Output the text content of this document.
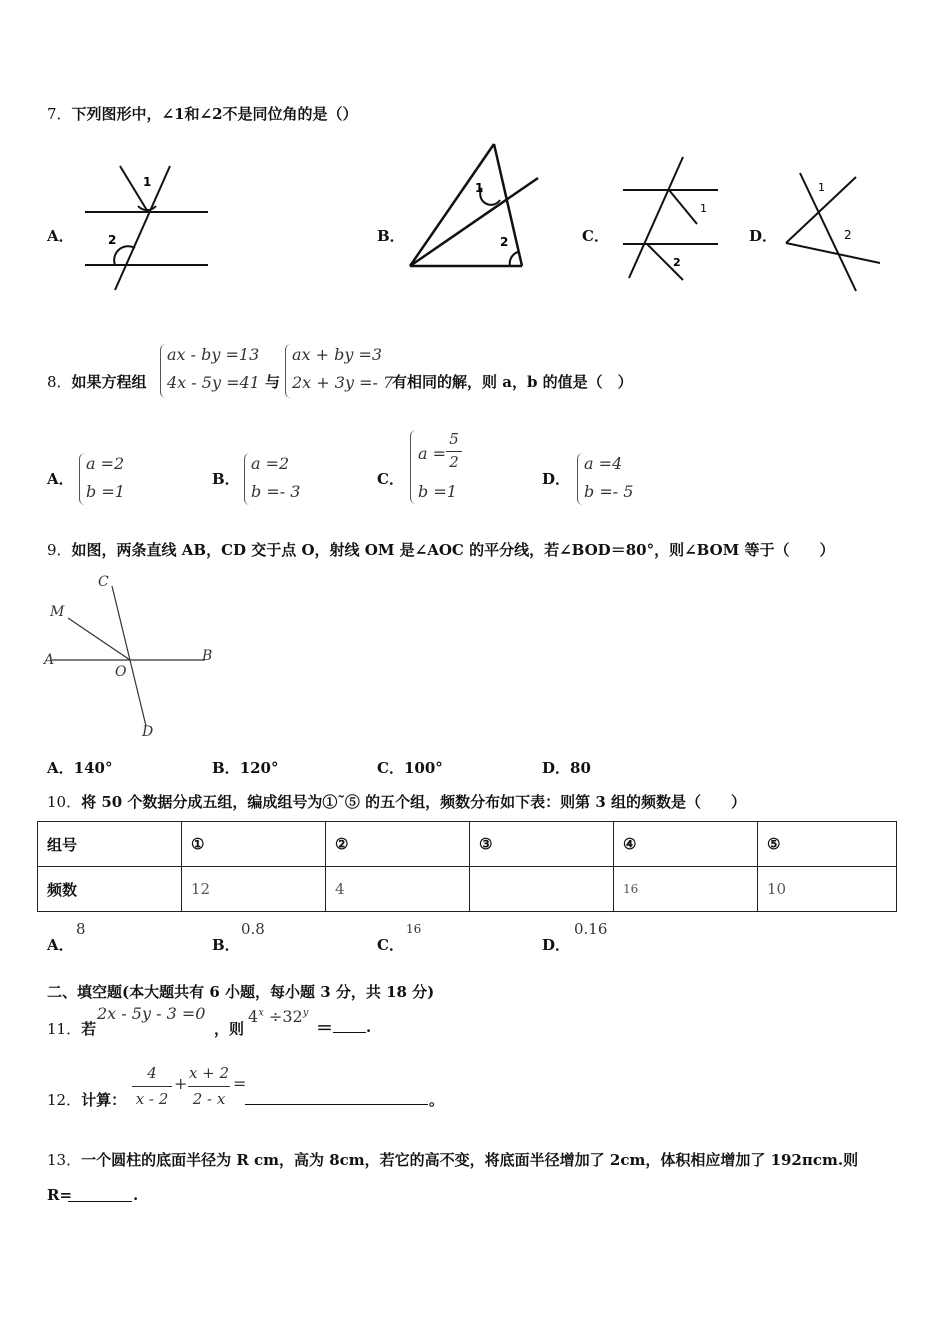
7．下列图形中，∠1和∠2不是同位角的是（）
A．	B．	C．	D．
1
2
1
2
1
2
1
2
8．如果方程组
ax - by =13
4x - 5y =41 与
ax + by =3
2x + 3y =- 7
有相同的解，则 a，b 的值是（　）
A．
a =2
b =1
B．
a =2
b =- 3
C．
a =
5
2
b =1
D．
a =4
b =- 5
9．如图，两条直线 AB，CD 交于点 O，射线 OM 是∠AOC 的平分线，若∠BOD＝80°，则∠BOM 等于（　　）
C
M
A
O
B
D
A．140°	B．120°	C．100°	D．80
10．将 50 个数据分成五组，编成组号为①˜⑤ 的五个组，频数分布如下表：则第 3 组的频数是（　　）
组号	①	②	③	④	⑤
频数	12	4		16	10
A．
8
B．
0.8
C．
16
D．
0.16
二、填空题(本大题共有 6 小题，每小题 3 分，共 18 分)
11．若
2x - 5y - 3 =0
，则
$4^x \div 32^y$
＝ .
12．计算：
4
x - 2
+
x + 2
2 - x
=
。
13．一个圆柱的底面半径为 R cm，高为 8cm，若它的高不变，将底面半径增加了 2cm，体积相应增加了 192πcm.则
R=	.
